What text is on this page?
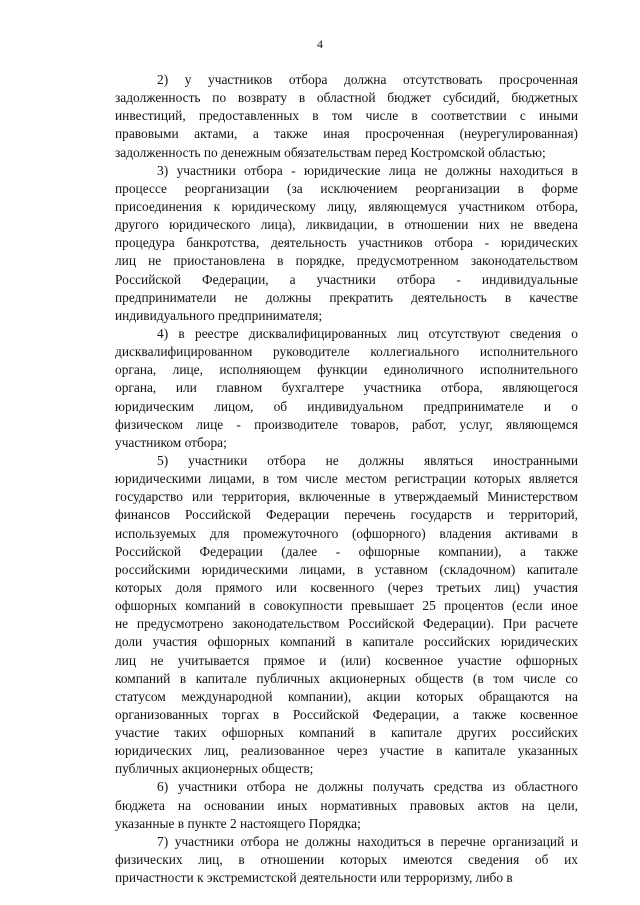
4
2) у участников отбора должна отсутствовать просроченная
задолженность по возврату в областной бюджет субсидий, бюджетных
инвестиций, предоставленных в том числе в соответствии с иными
правовыми актами, а также иная просроченная (неурегулированная)
задолженность по денежным обязательствам перед Костромской областью;
3) участники отбора - юридические лица не должны находиться в
процессе реорганизации (за исключением реорганизации в форме
присоединения к юридическому лицу, являющемуся участником отбора,
другого юридического лица), ликвидации, в отношении них не введена
процедура банкротства, деятельность участников отбора - юридических
лиц не приостановлена в порядке, предусмотренном законодательством
Российской Федерации, а участники отбора - индивидуальные
предприниматели не должны прекратить деятельность в качестве
индивидуального предпринимателя;
4) в реестре дисквалифицированных лиц отсутствуют сведения о
дисквалифицированном руководителе коллегиального исполнительного
органа, лице, исполняющем функции единоличного исполнительного
органа, или главном бухгалтере участника отбора, являющегося
юридическим лицом, об индивидуальном предпринимателе и о
физическом лице - производителе товаров, работ, услуг, являющемся
участником отбора;
5) участники отбора не должны являться иностранными
юридическими лицами, в том числе местом регистрации которых является
государство или территория, включенные в утверждаемый Министерством
финансов Российской Федерации перечень государств и территорий,
используемых для промежуточного (офшорного) владения активами в
Российской Федерации (далее - офшорные компании), а также
российскими юридическими лицами, в уставном (складочном) капитале
которых доля прямого или косвенного (через третьих лиц) участия
офшорных компаний в совокупности превышает 25 процентов (если иное
не предусмотрено законодательством Российской Федерации). При расчете
доли участия офшорных компаний в капитале российских юридических
лиц не учитывается прямое и (или) косвенное участие офшорных
компаний в капитале публичных акционерных обществ (в том числе со
статусом международной компании), акции которых обращаются на
организованных торгах в Российской Федерации, а также косвенное
участие таких офшорных компаний в капитале других российских
юридических лиц, реализованное через участие в капитале указанных
публичных акционерных обществ;
6) участники отбора не должны получать средства из областного
бюджета на основании иных нормативных правовых актов на цели,
указанные в пункте 2 настоящего Порядка;
7) участники отбора не должны находиться в перечне организаций и
физических лиц, в отношении которых имеются сведения об их
причастности к экстремистской деятельности или терроризму, либо в
